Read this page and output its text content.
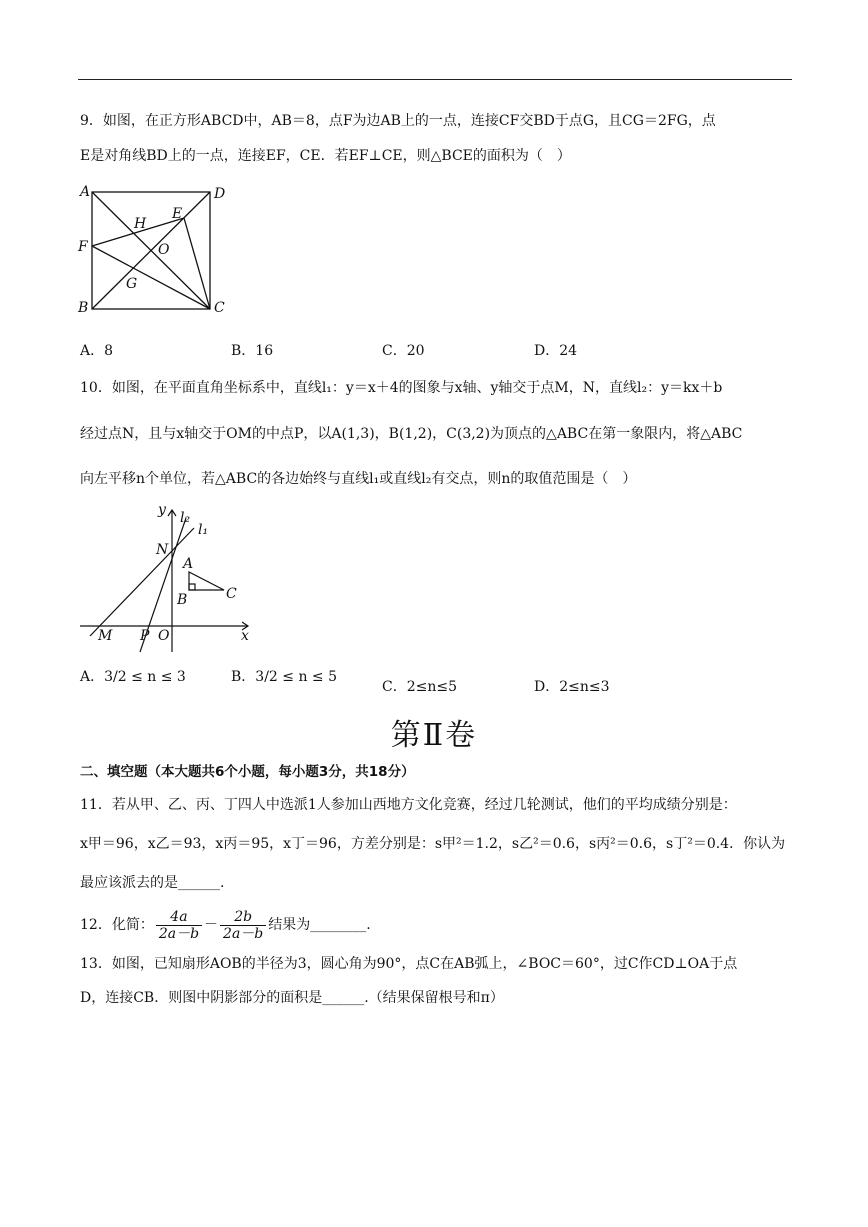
9．如图，在正方形ABCD中，AB＝8，点F为边AB上的一点，连接CF交BD于点G，且CG＝2FG，点
E是对角线BD上的一点，连接EF，CE．若EF⊥CE，则△BCE的面积为（　）
A	D
H
E
F	O
G
B	C
A．8	B．16	C．20	D．24
10．如图，在平面直角坐标系中，直线l₁：y＝x＋4的图象与x轴、y轴交于点M，N，直线l₂：y＝kx＋b
经过点N，且与x轴交于OM的中点P，以A(1,3)，B(1,2)，C(3,2)为顶点的△ABC在第一象限内，将△ABC
向左平移n个单位，若△ABC的各边始终与直线l₁或直线l₂有交点，则n的取值范围是（　）
y l₂
l₁
N
A
B	C
M P O	x
A．3/2 ≤ n ≤ 3	B．3/2 ≤ n ≤ 5
C．2≤n≤5	D．2≤n≤3
第Ⅱ卷
二、填空题（本大题共6个小题，每小题3分，共18分）
11．若从甲、乙、丙、丁四人中选派1人参加山西地方文化竞赛，经过几轮测试，他们的平均成绩分别是：
x甲＝96，x乙＝93，x丙＝95，x丁＝96，方差分别是：s甲²＝1.2，s乙²＝0.6，s丙²＝0.6，s丁²＝0.4．你认为
最应该派去的是______.
12．化简： $\frac{4a}{2a-b} - \frac{2b}{2a-b}$ 结果为________.
13．如图，已知扇形AOB的半径为3，圆心角为90°，点C在AB弧上，∠BOC＝60°，过C作CD⊥OA于点
D，连接CB．则图中阴影部分的面积是______.（结果保留根号和π）
